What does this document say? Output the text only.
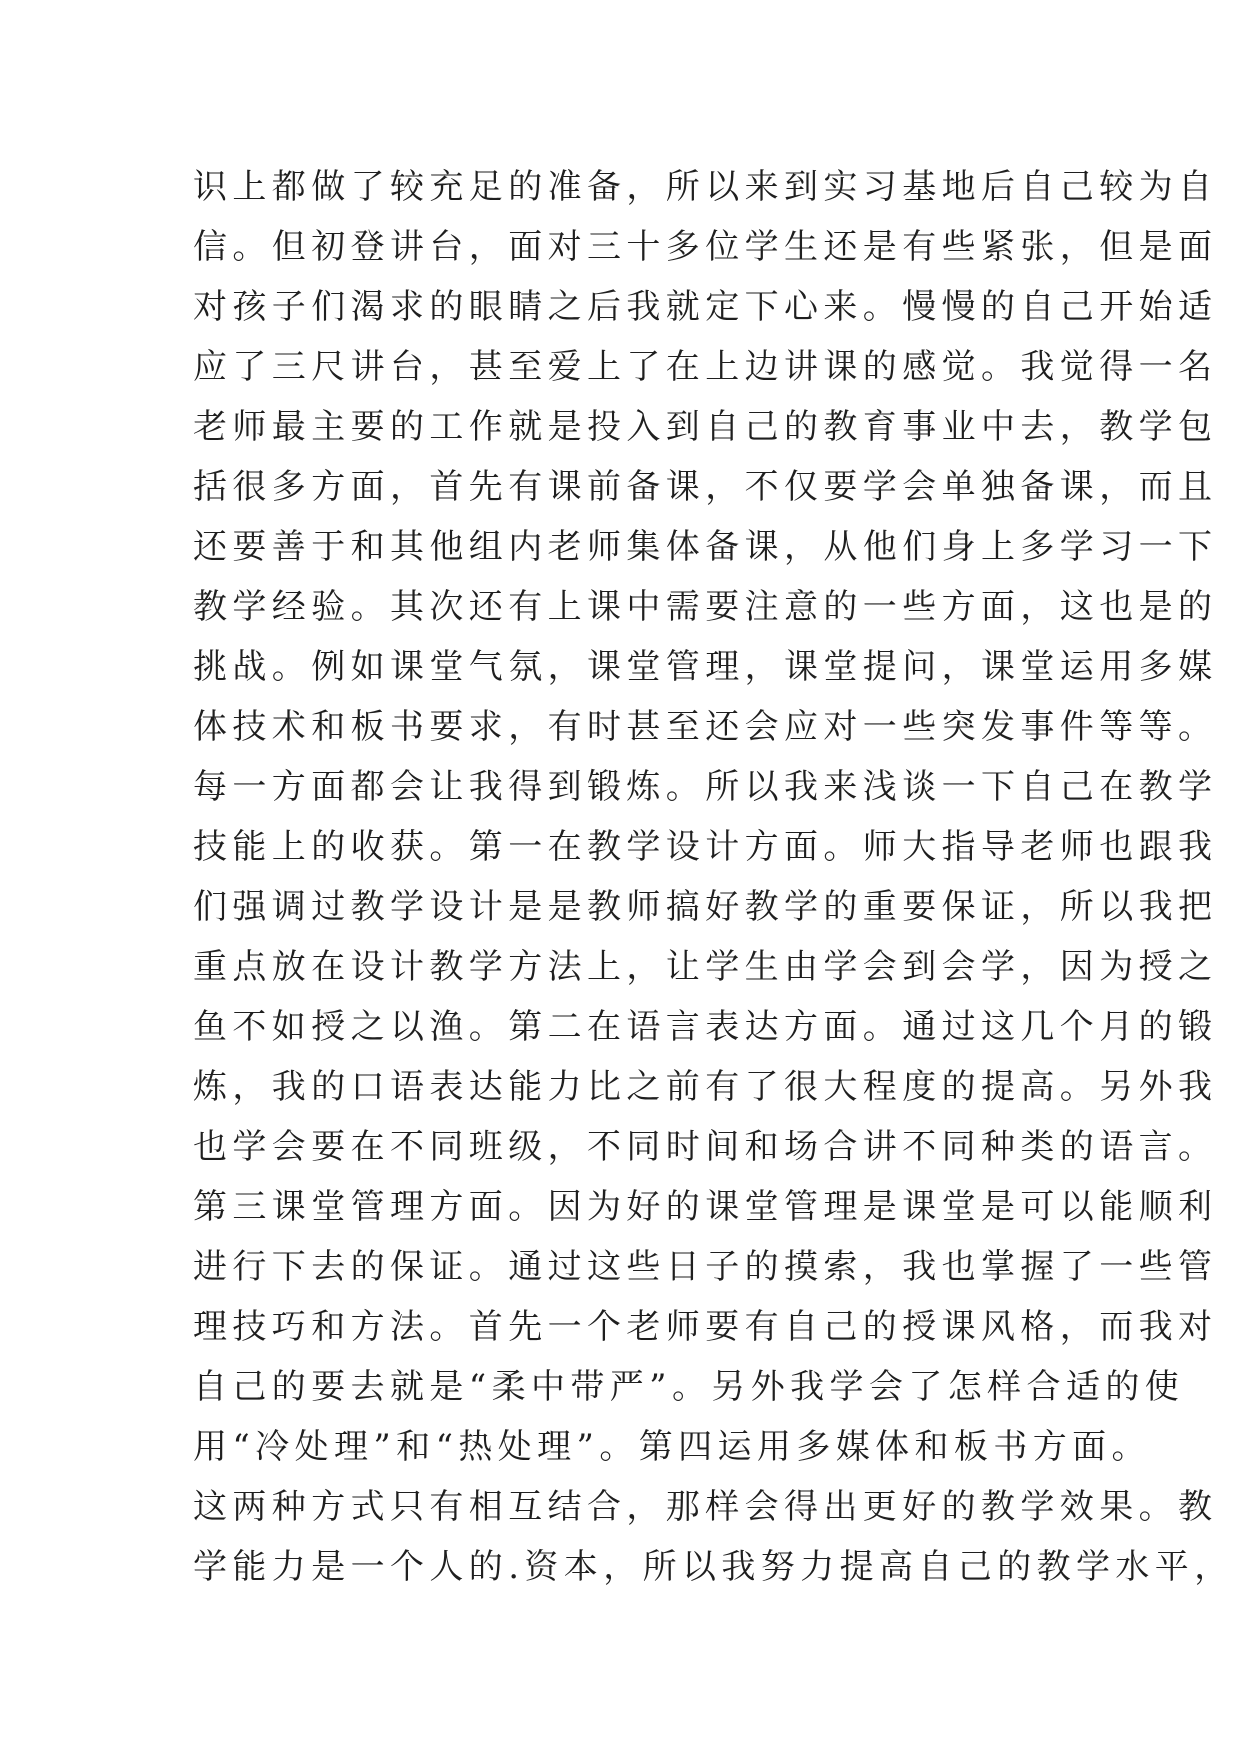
识上都做了较充足的准备，所以来到实习基地后自己较为自
信。但初登讲台，面对三十多位学生还是有些紧张，但是面
对孩子们渴求的眼睛之后我就定下心来。慢慢的自己开始适
应了三尺讲台，甚至爱上了在上边讲课的感觉。我觉得一名
老师最主要的工作就是投入到自己的教育事业中去，教学包
括很多方面，首先有课前备课，不仅要学会单独备课，而且
还要善于和其他组内老师集体备课，从他们身上多学习一下
教学经验。其次还有上课中需要注意的一些方面，这也是的
挑战。例如课堂气氛，课堂管理，课堂提问，课堂运用多媒
体技术和板书要求，有时甚至还会应对一些突发事件等等。
每一方面都会让我得到锻炼。所以我来浅谈一下自己在教学
技能上的收获。第一在教学设计方面。师大指导老师也跟我
们强调过教学设计是是教师搞好教学的重要保证，所以我把
重点放在设计教学方法上，让学生由学会到会学，因为授之
鱼不如授之以渔。第二在语言表达方面。通过这几个月的锻
炼，我的口语表达能力比之前有了很大程度的提高。另外我
也学会要在不同班级，不同时间和场合讲不同种类的语言。
第三课堂管理方面。因为好的课堂管理是课堂是可以能顺利
进行下去的保证。通过这些日子的摸索，我也掌握了一些管
理技巧和方法。首先一个老师要有自己的授课风格，而我对
自己的要去就是“柔中带严”。另外我学会了怎样合适的使
用“冷处理”和“热处理”。第四运用多媒体和板书方面。
这两种方式只有相互结合，那样会得出更好的教学效果。教
学能力是一个人的.资本，所以我努力提高自己的教学水平，
